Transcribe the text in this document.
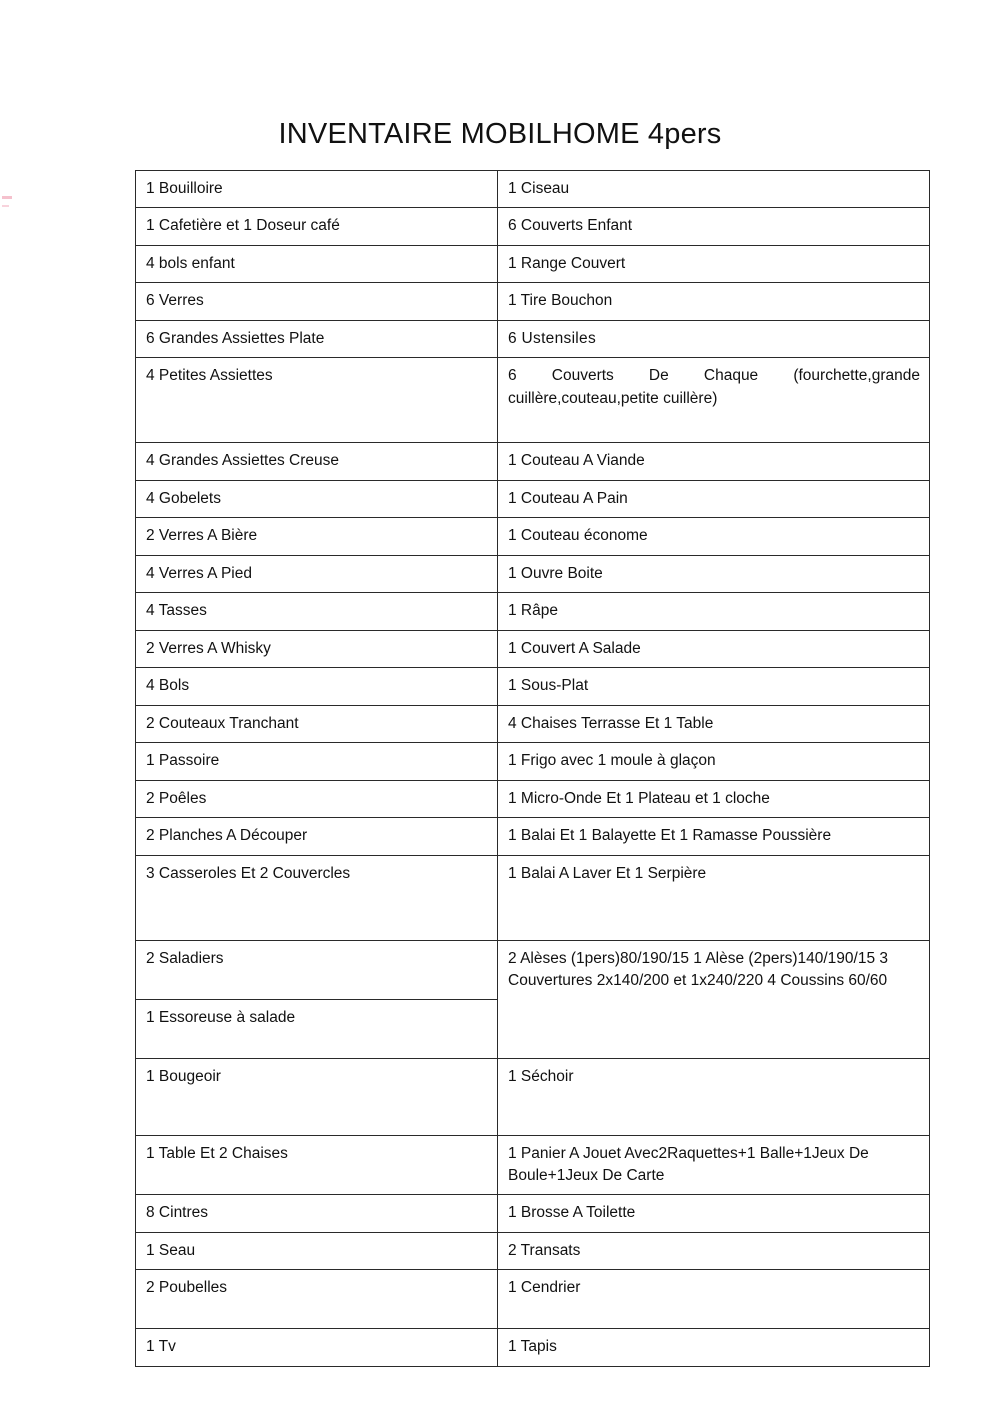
INVENTAIRE MOBILHOME 4pers
1 Bouilloire	1 Ciseau
1 Cafetière et 1 Doseur café	6 Couverts Enfant
4 bols enfant	1 Range Couvert
6 Verres	1 Tire Bouchon
6 Grandes Assiettes Plate	6 Ustensiles
4 Petites Assiettes	6 Couverts De Chaque (fourchette,grande cuillère,couteau,petite cuillère)
4 Grandes Assiettes Creuse	1 Couteau A Viande
4 Gobelets	1 Couteau A Pain
2 Verres A Bière	1 Couteau économe
4 Verres A Pied	1 Ouvre Boite
4 Tasses	1 Râpe
2 Verres A Whisky	1 Couvert A Salade
4 Bols	1 Sous-Plat
2 Couteaux Tranchant	4 Chaises Terrasse Et 1 Table
1 Passoire	1 Frigo avec 1 moule à glaçon
2 Poêles	1 Micro-Onde Et 1 Plateau et 1 cloche
2 Planches A Découper	1 Balai Et 1 Balayette Et 1 Ramasse Poussière
3 Casseroles Et 2 Couvercles	1 Balai A Laver Et 1 Serpière
2 Saladiers	2 Alèses (1pers)80/190/15 1 Alèse (2pers)140/190/15 3 Couvertures 2x140/200 et 1x240/220 4 Coussins 60/60
1 Essoreuse à salade	
1 Bougeoir	1 Séchoir
1 Table Et 2 Chaises	1 Panier A Jouet Avec2Raquettes+1 Balle+1Jeux De Boule+1Jeux De Carte
8 Cintres	1 Brosse A Toilette
1 Seau	2 Transats
2 Poubelles	1 Cendrier
1 Tv	1 Tapis
